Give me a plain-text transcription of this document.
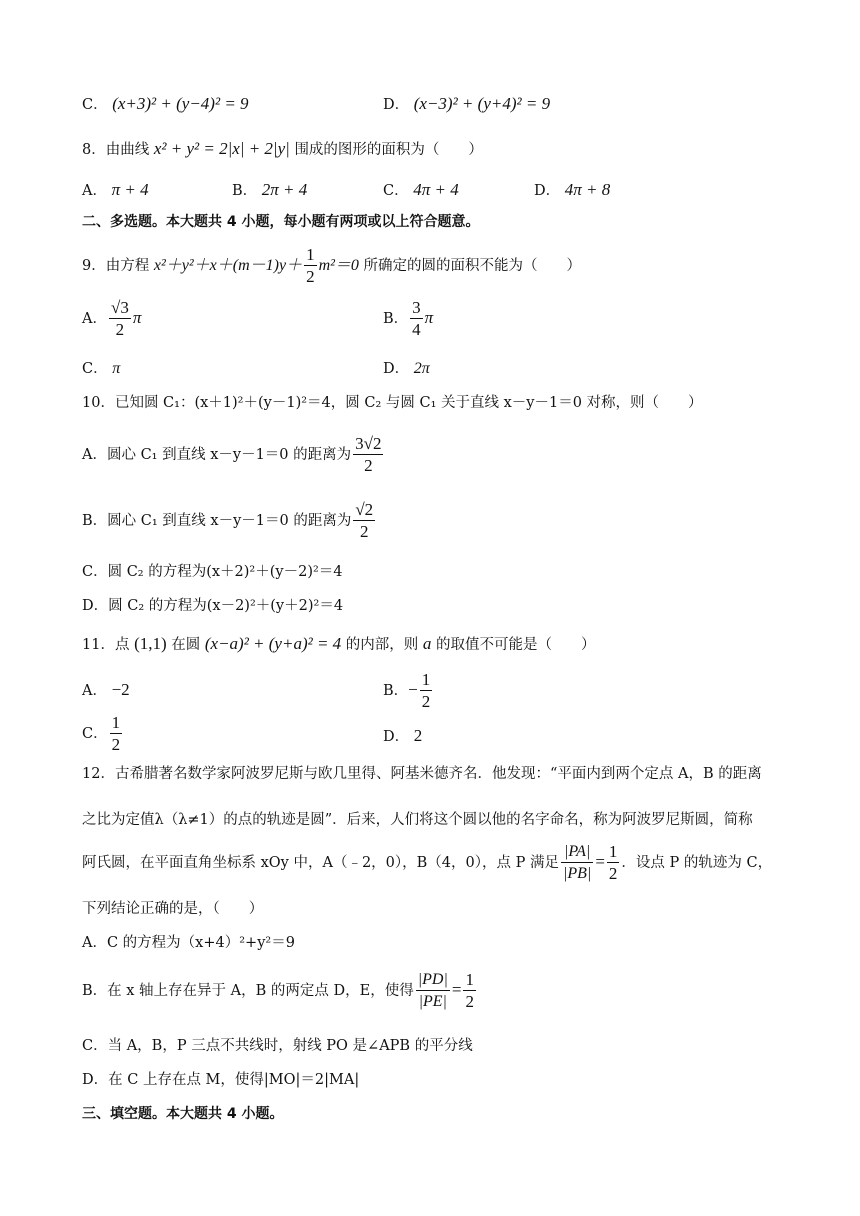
C． (x+3)² + (y−4)² = 9	D． (x−3)² + (y+4)² = 9
8．由曲线 x² + y² = 2|x| + 2|y| 围成的图形的面积为（　　）
A． π + 4	B． 2π + 4	C． 4π + 4	D． 4π + 8
二、多选题。本大题共 4 小题，每小题有两项或以上符合题意。
9．由方程 $x^2+y^2+x+(m-1)y+ \frac{1}{2} m^2=0$ 所确定的圆的面积不能为（　　）
A． $\frac{√3}{2}$ π	B． $\frac{3}{4}$ π
C． π	D． 2π
10．已知圆 C₁：(x＋1)²＋(y－1)²＝4，圆 C₂ 与圆 C₁ 关于直线 x－y－1＝0 对称，则（　　）
A．圆心 C₁ 到直线 x－y－1＝0 的距离为 $\frac{3√2}{2}$
B．圆心 C₁ 到直线 x－y－1＝0 的距离为 $\frac{√2}{2}$
C．圆 C₂ 的方程为(x＋2)²＋(y－2)²＝4
D．圆 C₂ 的方程为(x－2)²＋(y＋2)²＝4
11．点 (1,1) 在圆 (x−a)² + (y+a)² = 4 的内部，则 a 的取值不可能是（　　）
A． −2	B．− $\frac{1}{2}$
C． $\frac{1}{2}$	D． 2
12．古希腊著名数学家阿波罗尼斯与欧几里得、阿基米德齐名．他发现：“平面内到两个定点 A，B 的距离
之比为定值λ（λ≠1）的点的轨迹是圆”．后来，人们将这个圆以他的名字命名，称为阿波罗尼斯圆，简称
阿氏圆，在平面直角坐标系 xOy 中，A（﹣2，0），B（4，0），点 P 满足 $\frac{|PA|}{|PB|} = \frac{1}{2}$ ．设点 P 的轨迹为 C，
下列结论正确的是，（　　）
A．C 的方程为（x+4）²+y²＝9
B．在 x 轴上存在异于 A，B 的两定点 D，E，使得 $\frac{|PD|}{|PE|} = \frac{1}{2}$
C．当 A，B，P 三点不共线时，射线 PO 是∠APB 的平分线
D．在 C 上存在点 M，使得|MO|＝2|MA|
三、填空题。本大题共 4 小题。
